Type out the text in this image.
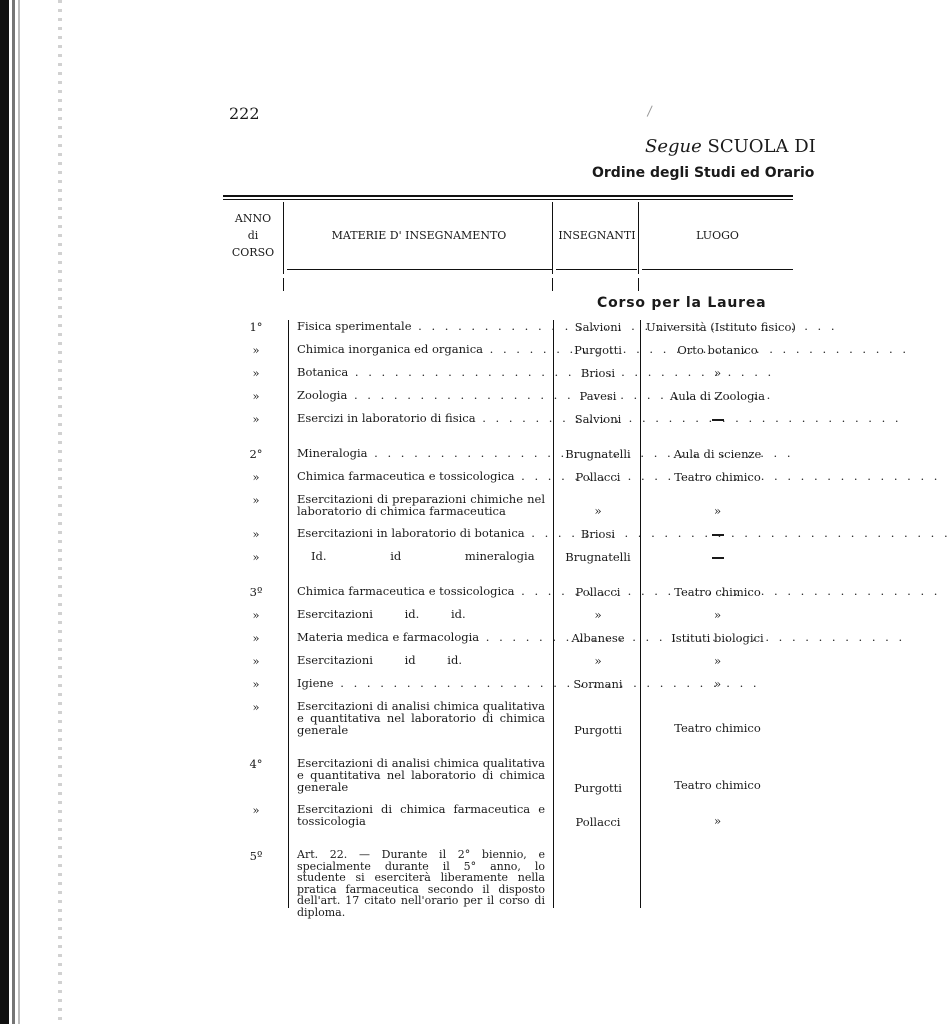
222
Segue SCUOLA DI
Ordine degli Studi ed Orario
ANNO
di
CORSO
MATERIE D' INSEGNAMENTO	INSEGNANTI	LUOGO
Corso per la Laurea
1°	Fisica sperimentale . . .	Salvioni	Università (Istituto fisico)
»	Chimica inorganica ed organica . . .	Purgotti	Orto botanico
»	Botanica . . .	Briosi	»
»	Zoologia . . .	Pavesi	Aula di Zoologia
»	Esercizi in laboratorio di fisica . . .	Salvioni
2°	Mineralogia . . .	Brugnatelli	Aula di scienze
»	Chimica farmaceutica e tossicologica . . .	Pollacci	Teatro chimico
»	Esercitazioni di preparazioni chimiche nel laboratorio di chimica farmaceutica	»	»
»	Esercitazioni in laboratorio di botanica . . .	Briosi
»	Id. id mineralogia	Brugnatelli
3º	Chimica farmaceutica e tossicologica . . .	Pollacci	Teatro chimico
»	Esercitazioni id. id.	»	»
»	Materia medica e farmacologia . . .	Albanese	Istituti biologici
»	Esercitazioni id id.	»	»
»	Igiene . . .	Sormani	»
»	Esercitazioni di analisi chimica qualitativa e quantitativa nel laboratorio di chimica generale	Purgotti	Teatro chimico
4°	Esercitazioni di analisi chimica qualitativa e quantitativa nel laboratorio di chimica generale	Purgotti	Teatro chimico
»	Esercitazioni di chimica farmaceutica e tossicologia	Pollacci	»
5º	Art. 22. — Durante il 2° biennio, e specialmente durante il 5° anno, lo studente si eserciterà liberamente nella pratica farmaceutica secondo il disposto dell'art. 17 citato nell'orario per il corso di diploma.
